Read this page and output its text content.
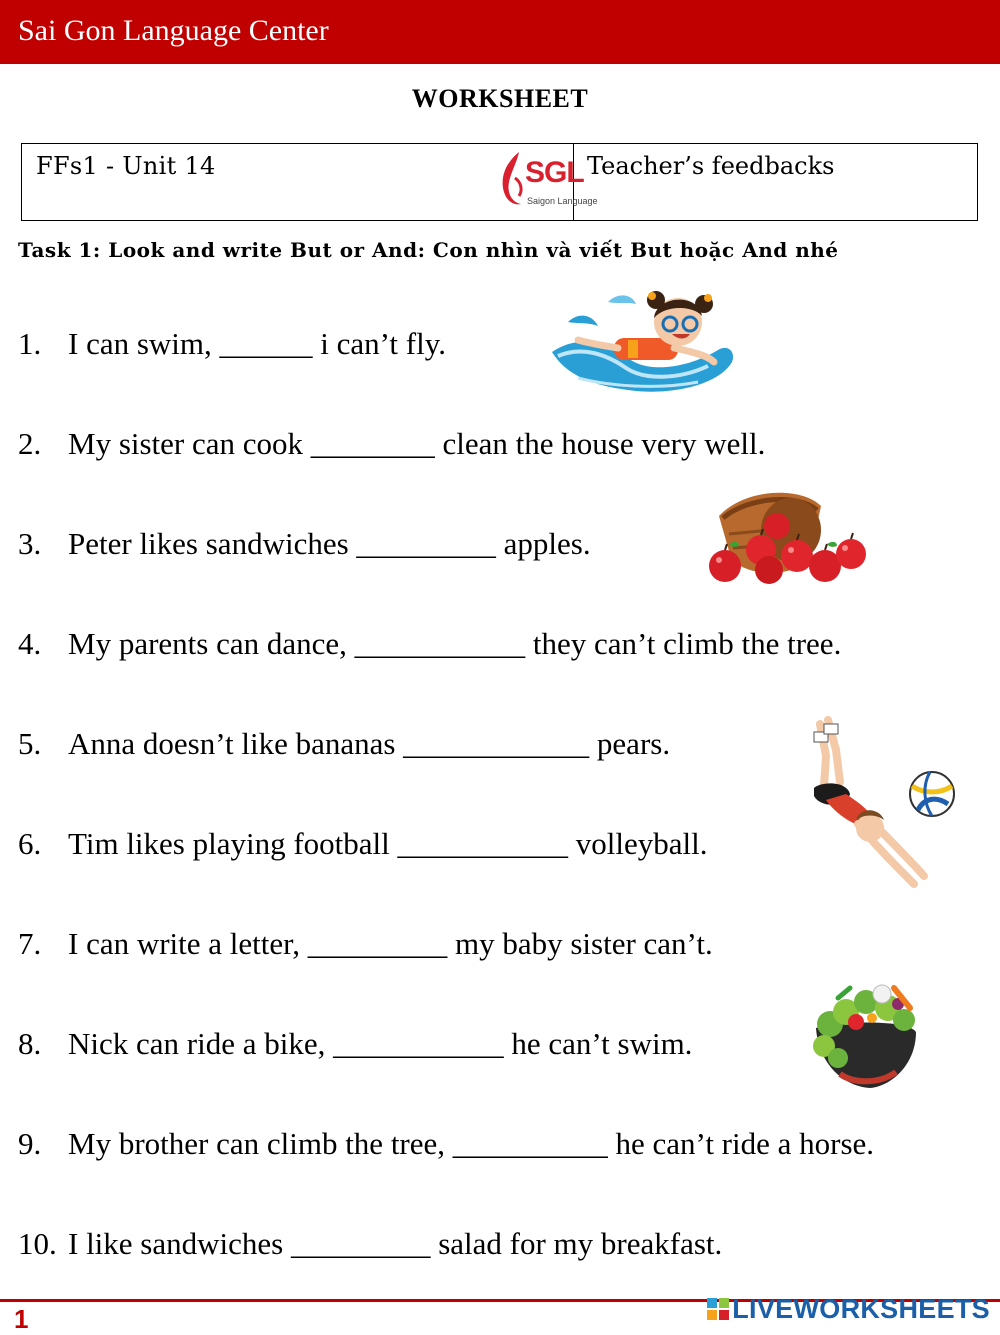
Sai Gon Language Center
WORKSHEET
FFs1 - Unit 14	SGL
Saigon Language
Teacher’s feedbacks
Task 1: Look and write But or And: Con nhìn và viết But hoặc And nhé
1. I can swim, ______ i can’t fly.
2. My sister can cook ________ clean the house very well.
3. Peter likes sandwiches _________ apples.
4. My parents can dance, ___________ they can’t climb the tree.
5. Anna doesn’t like bananas ____________ pears.
6. Tim likes playing football ___________ volleyball.
7. I can write a letter, _________ my baby sister can’t.
8. Nick can ride a bike, ___________ he can’t swim.
9. My brother can climb the tree, __________ he can’t ride a horse.
10. I like sandwiches _________ salad for my breakfast.
1	LIVEWORKSHEETS
